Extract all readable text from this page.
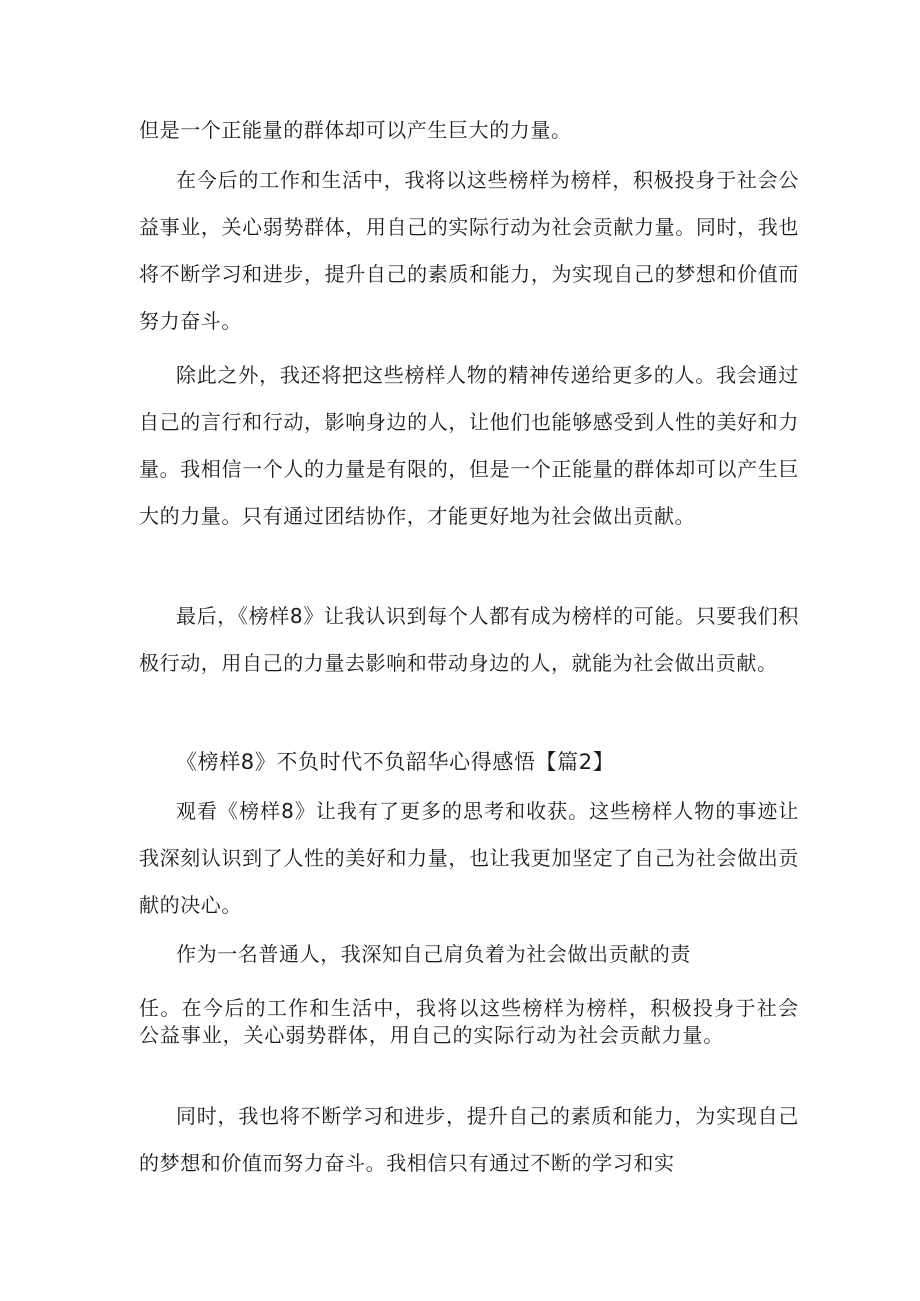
但是一个正能量的群体却可以产生巨大的力量。

在今后的工作和生活中，我将以这些榜样为榜样，积极投身于社会公益事业，关心弱势群体，用自己的实际行动为社会贡献力量。同时，我也将不断学习和进步，提升自己的素质和能力，为实现自己的梦想和价值而努力奋斗。

除此之外，我还将把这些榜样人物的精神传递给更多的人。我会通过自己的言行和行动，影响身边的人，让他们也能够感受到人性的美好和力量。我相信一个人的力量是有限的，但是一个正能量的群体却可以产生巨大的力量。只有通过团结协作，才能更好地为社会做出贡献。

最后，《榜样8》让我认识到每个人都有成为榜样的可能。只要我们积极行动，用自己的力量去影响和带动身边的人，就能为社会做出贡献。

《榜样8》不负时代不负韶华心得感悟【篇2】

观看《榜样8》让我有了更多的思考和收获。这些榜样人物的事迹让我深刻认识到了人性的美好和力量，也让我更加坚定了自己为社会做出贡献的决心。

作为一名普通人，我深知自己肩负着为社会做出贡献的责

任。在今后的工作和生活中，我将以这些榜样为榜样，积极投身于社会公益事业，关心弱势群体，用自己的实际行动为社会贡献力量。

同时，我也将不断学习和进步，提升自己的素质和能力，为实现自己的梦想和价值而努力奋斗。我相信只有通过不断的学习和实
